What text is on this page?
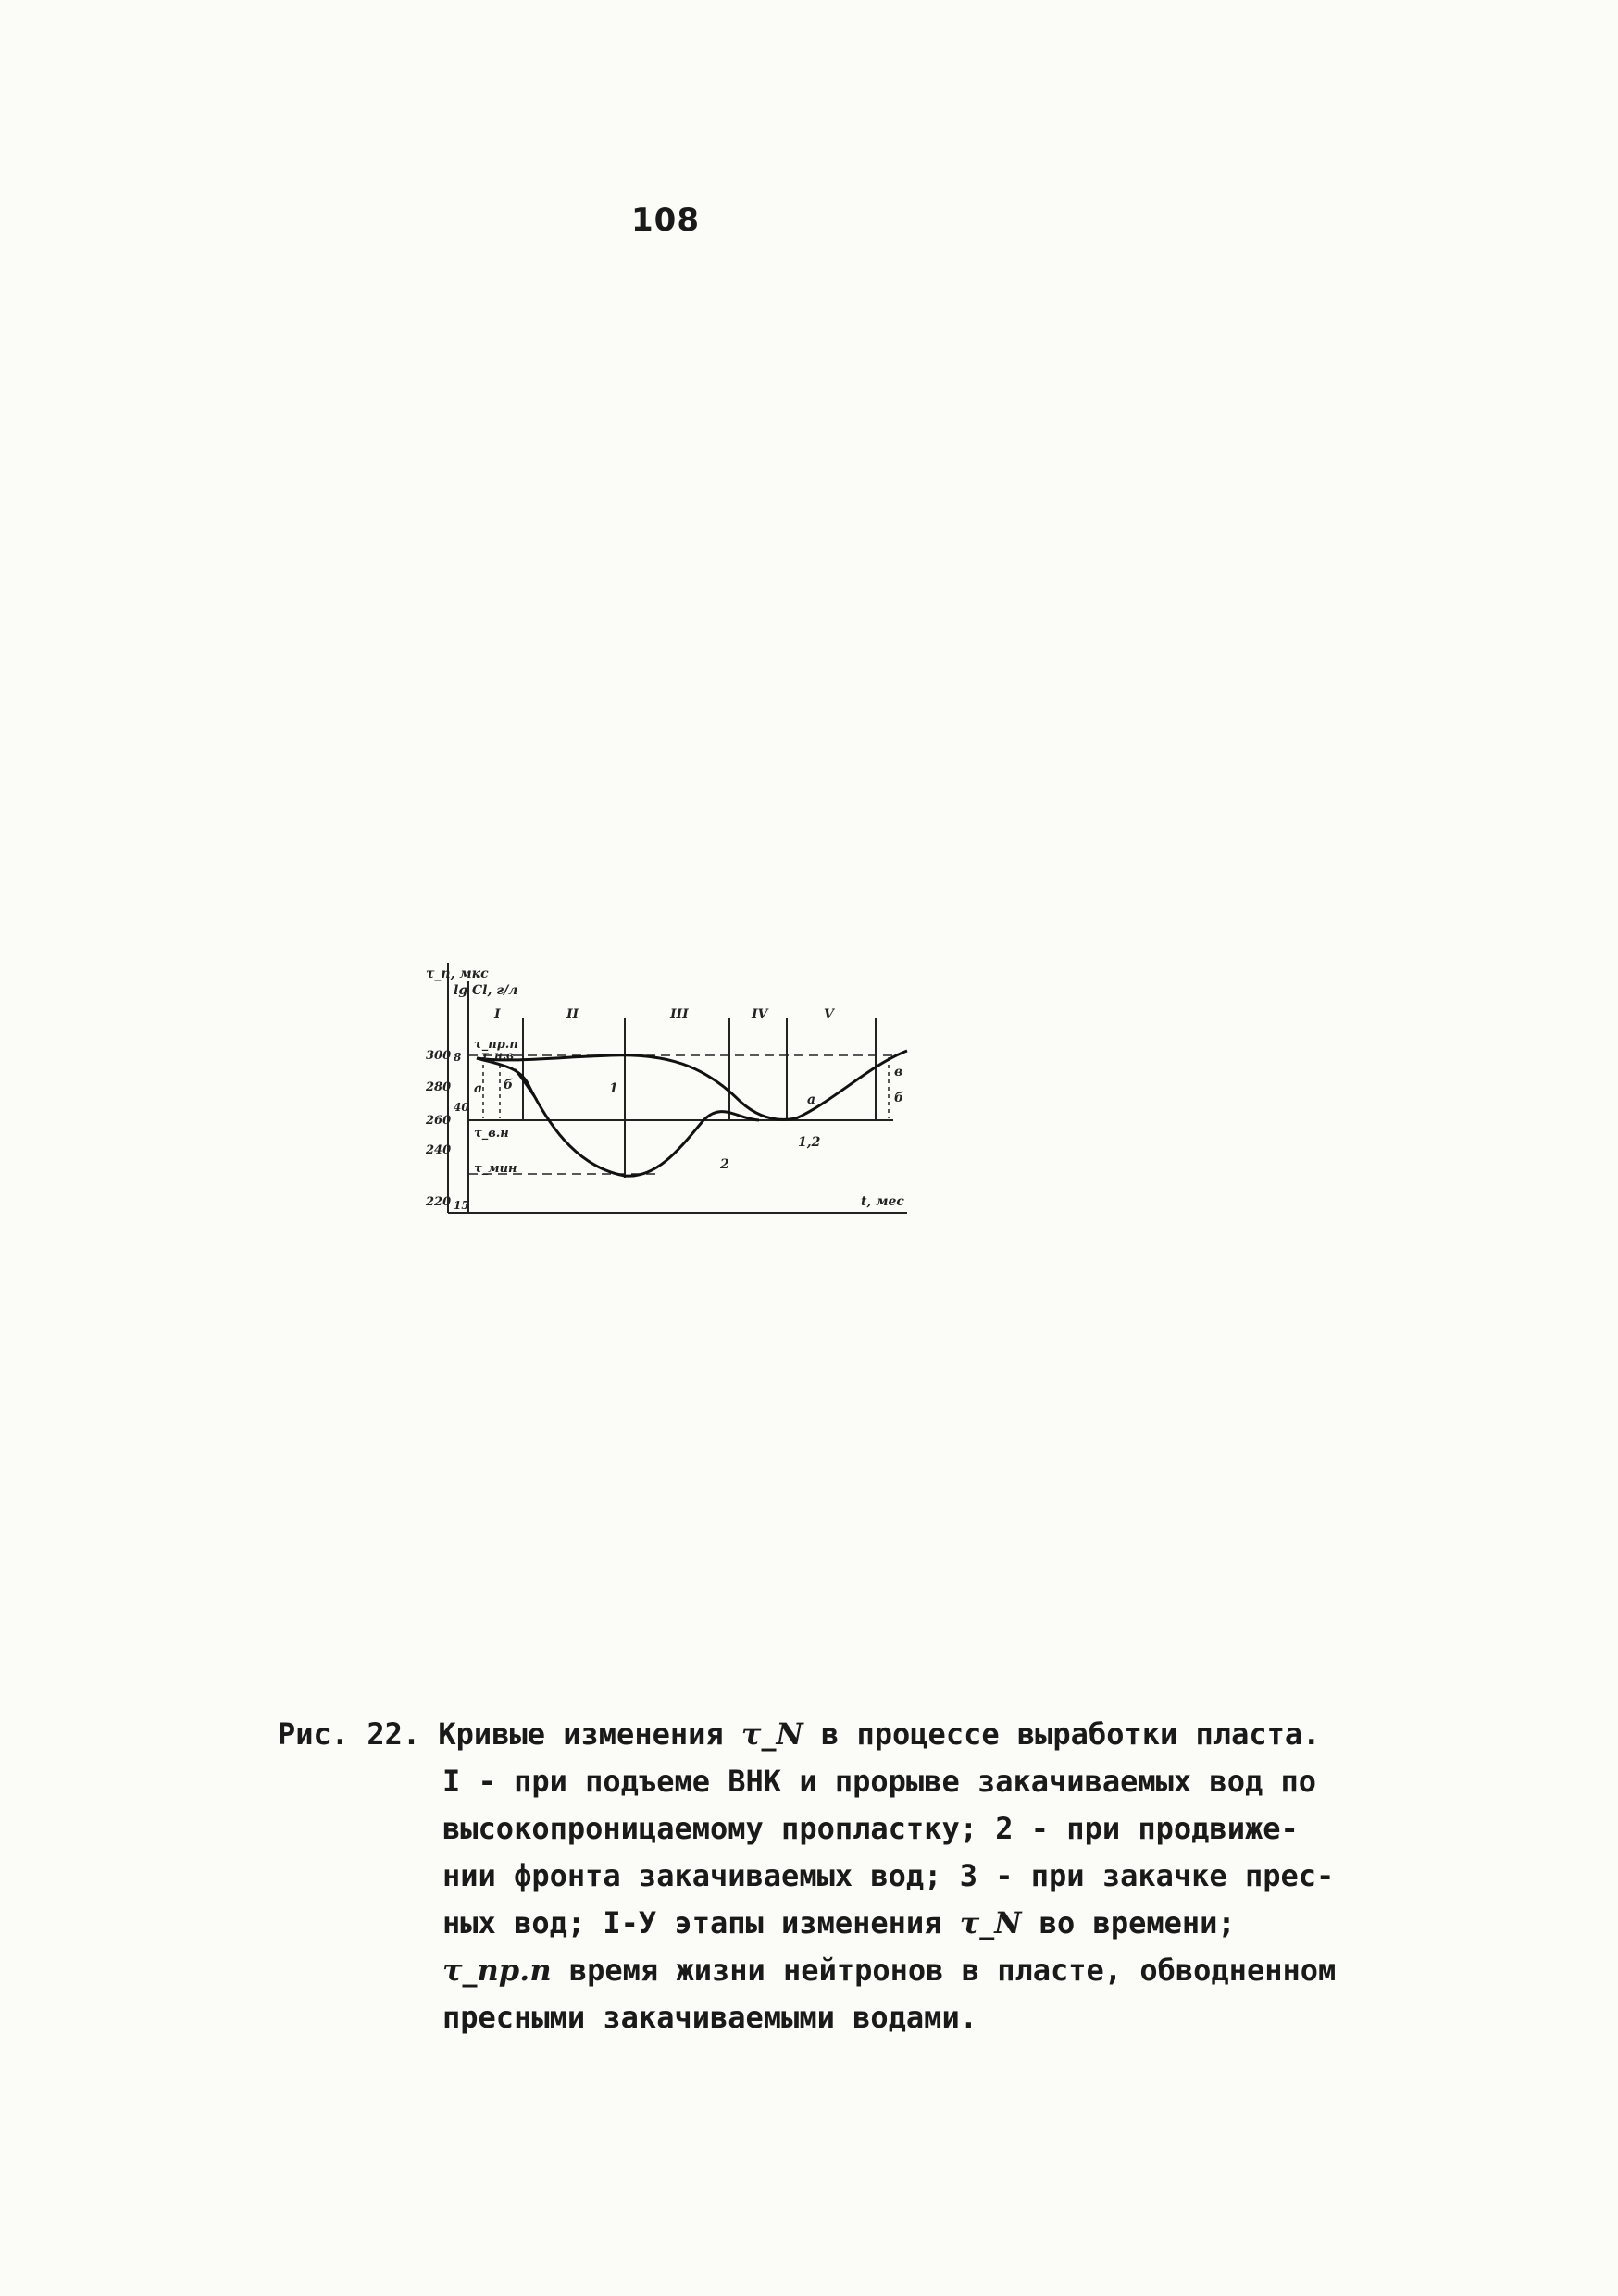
108
τ_n, мкс
lg Cl, г/л
t, мес
300
280
260
240
220
8
40
15
τ_пр.п
τ_н.в
τ_в.н
τ_мин
I	II	III	IV	V
а б
а	б
в
1
2
1,2
Рис. 22. Кривые изменения τ_N в процессе выработки пласта.
I - при подъеме ВНК и прорыве закачиваемых вод по
высокопроницаемому пропластку; 2 - при продвиже-
нии фронта закачиваемых вод; 3 - при закачке прес-
ных вод; I-У этапы изменения τ_N во времени;
τ_пр.п время жизни нейтронов в пласте, обводненном
пресными закачиваемыми водами.
